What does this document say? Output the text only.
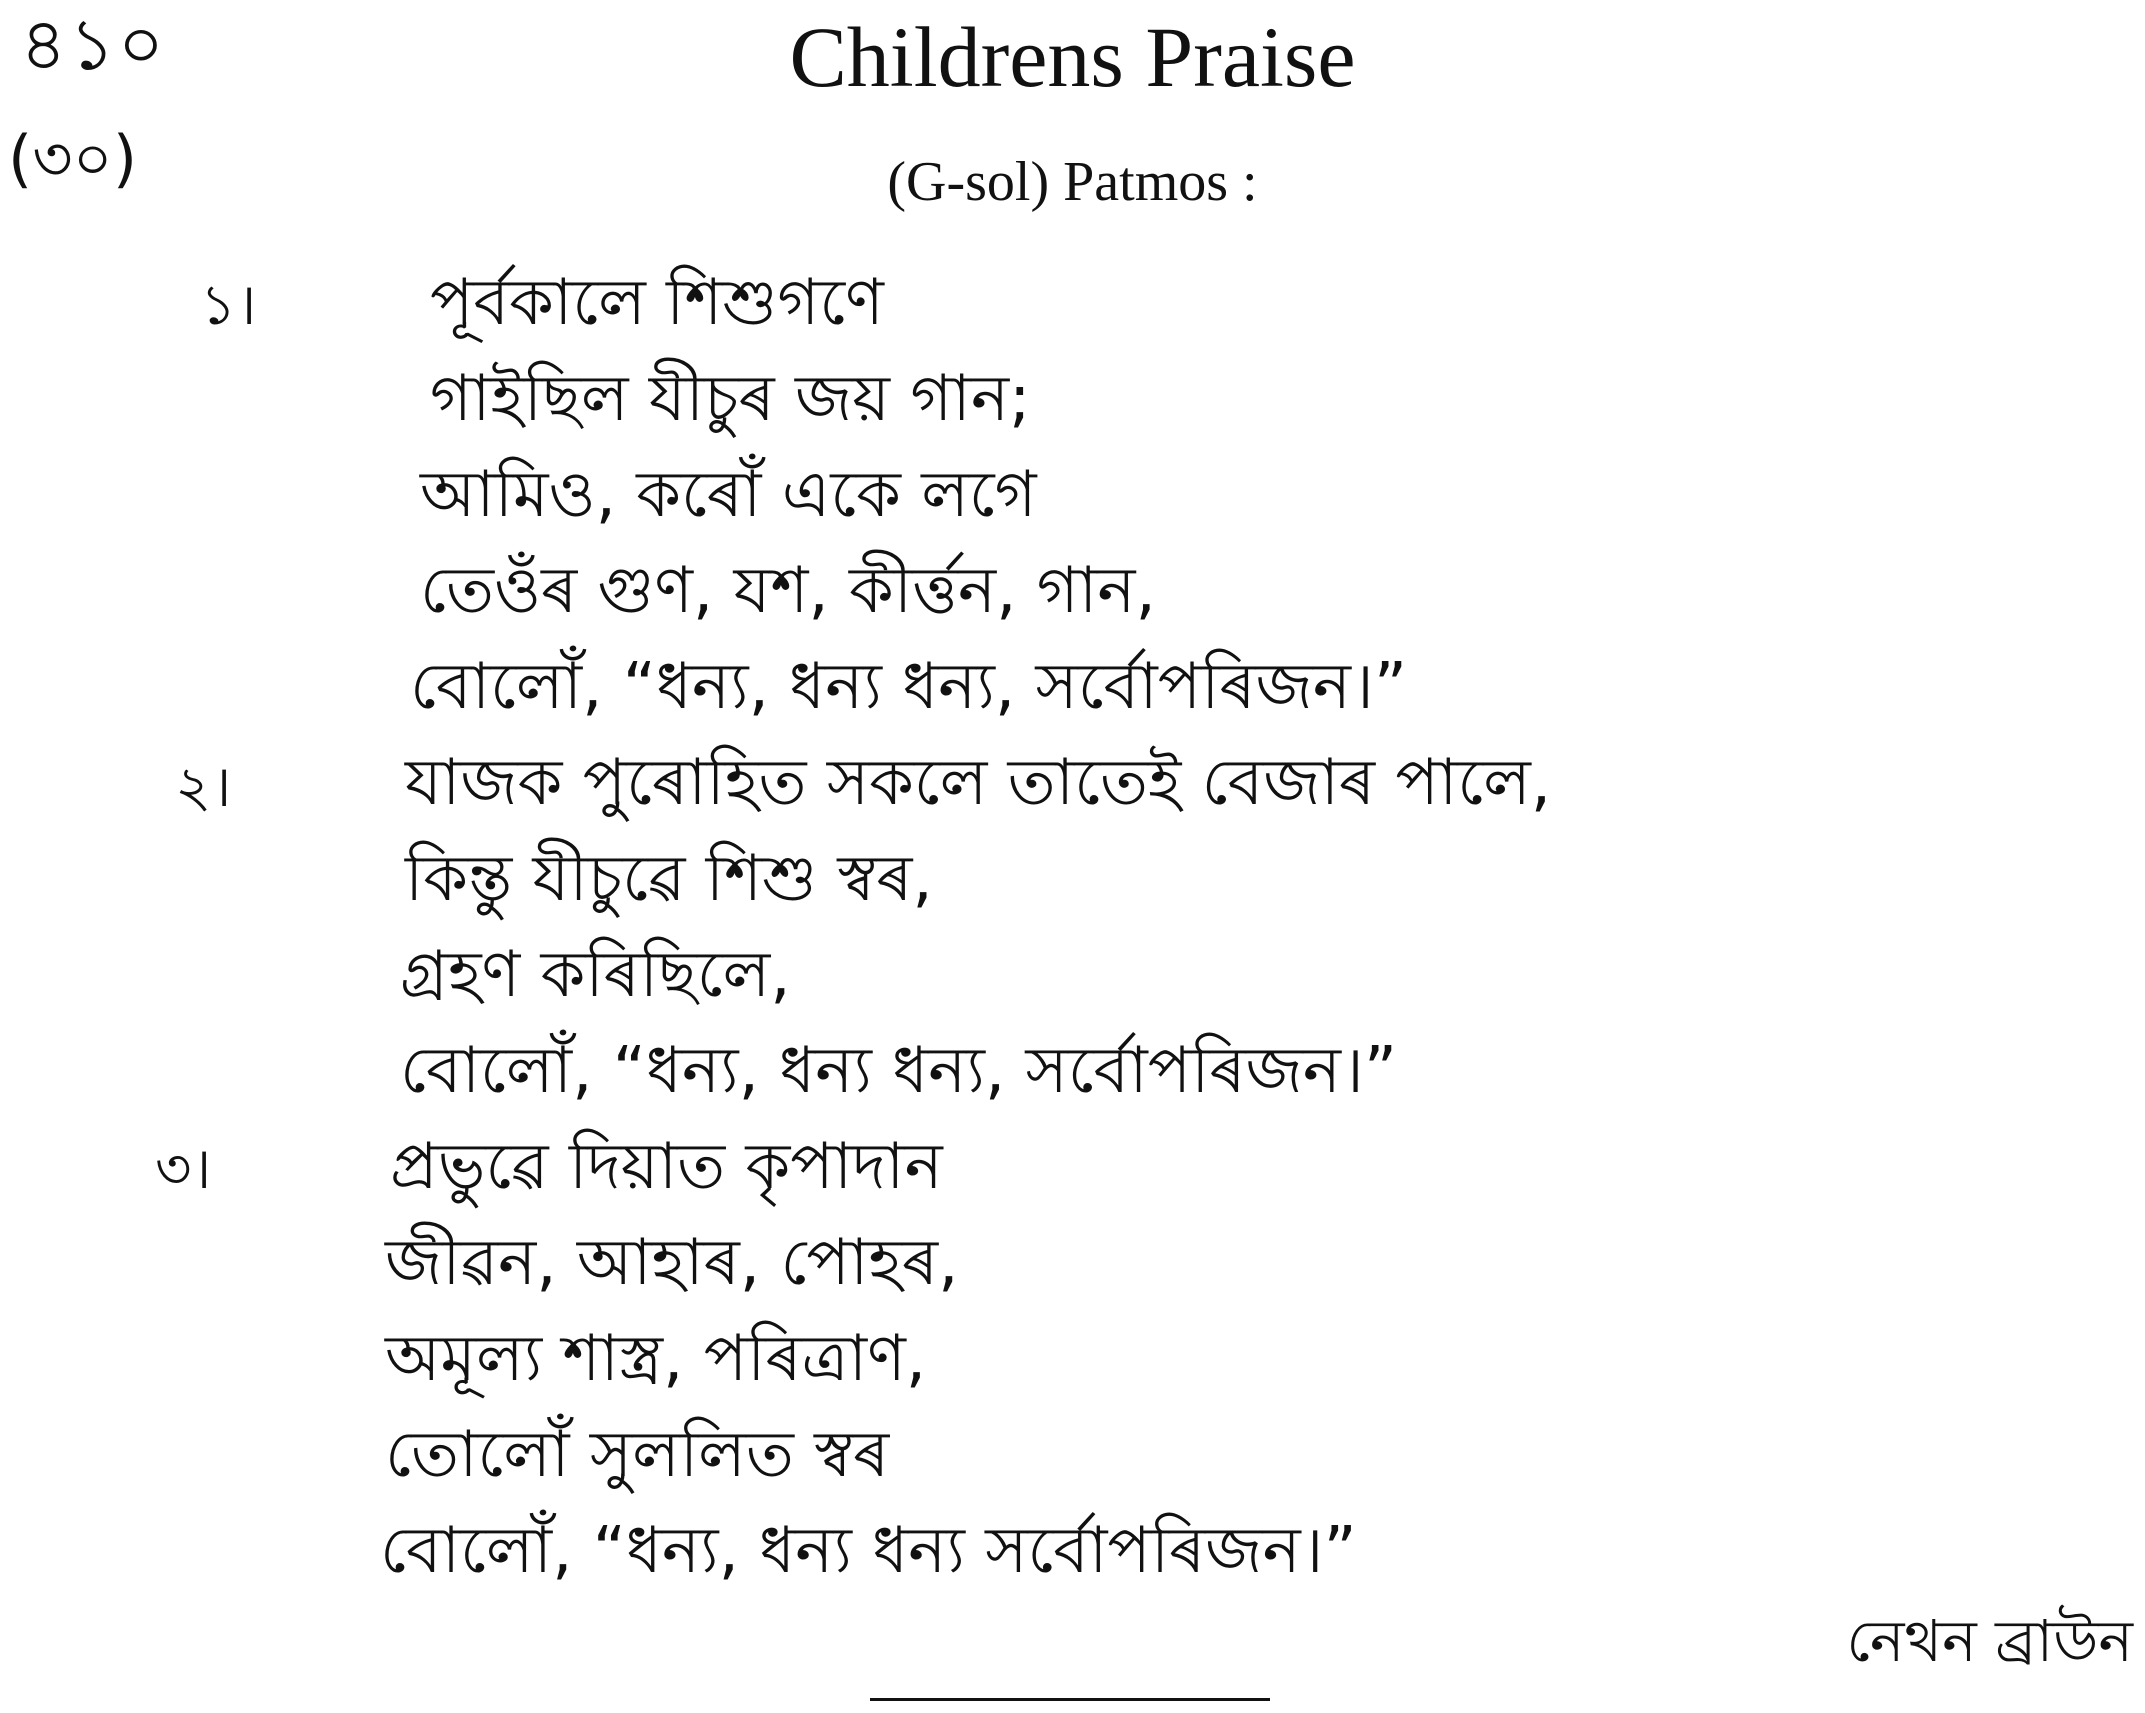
৪১০
(৩০)
Childrens Praise
(G-sol) Patmos :
১।	পূৰ্বকালে শিশুগণে
গাইছিল যীচুৰ জয় গান;
আমিও, কৰোঁ একে লগে
তেওঁৰ গুণ, যশ, কীৰ্ত্তন, গান,
বোলোঁ, “ধন্য, ধন্য ধন্য, সৰ্বোপৰিজন।”
২।	যাজক পুৰোহিত সকলে তাতেই বেজাৰ পালে,
কিন্তু যীচুৱে শিশু স্বৰ,
গ্ৰহণ কৰিছিলে,
বোলোঁ, “ধন্য, ধন্য ধন্য, সৰ্বোপৰিজন।”
৩।	প্ৰভুৱে দিয়াত কৃপাদান
জীৱন, আহাৰ, পোহৰ,
অমূল্য শাস্ত্ৰ, পৰিত্ৰাণ,
তোলোঁ সুললিত স্বৰ
বোলোঁ, “ধন্য, ধন্য ধন্য সৰ্বোপৰিজন।”
নেথন ব্ৰাউন
